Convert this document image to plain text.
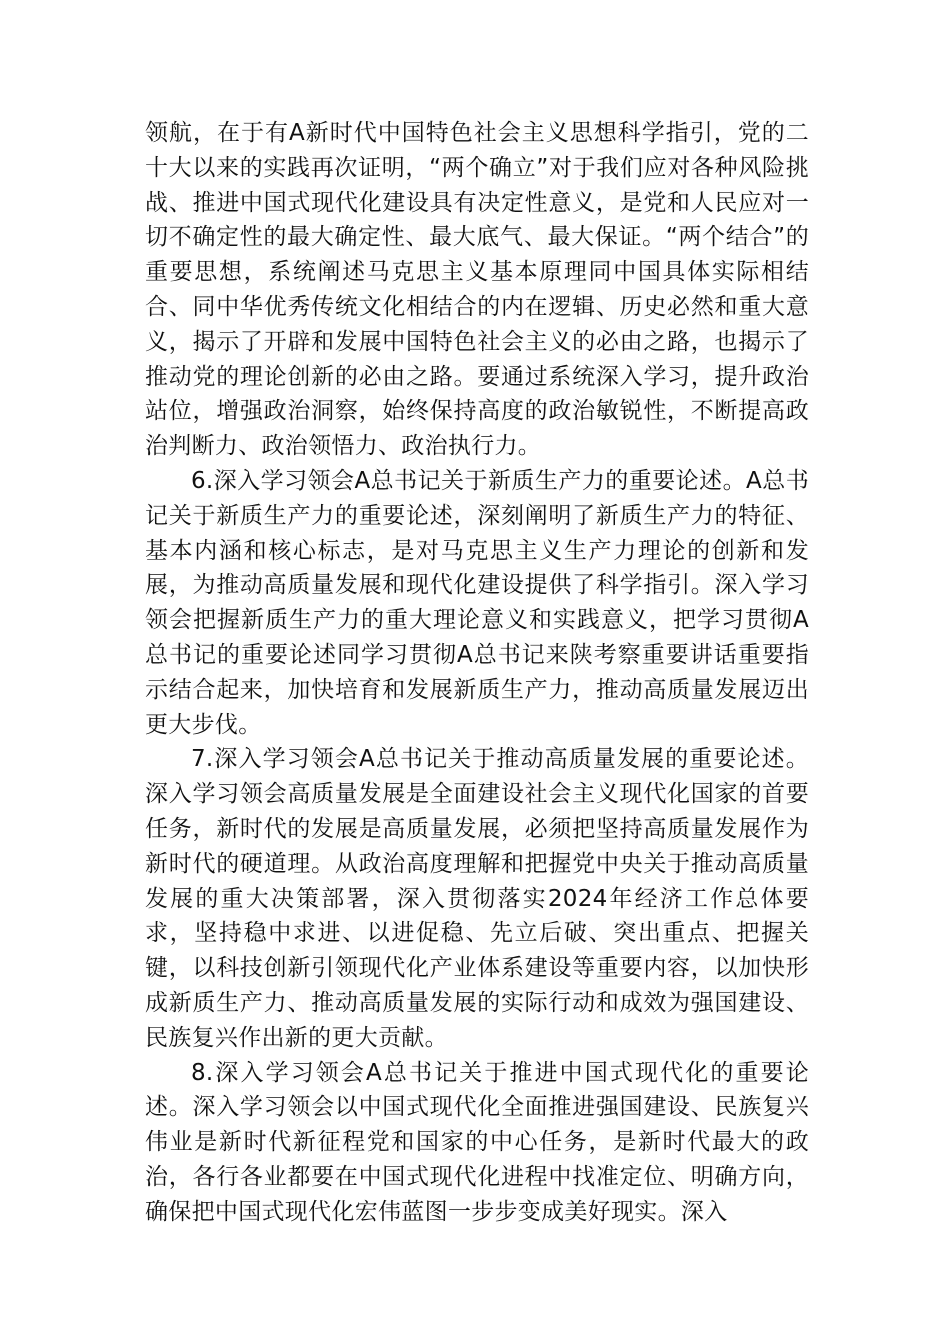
领航，在于有A新时代中国特色社会主义思想科学指引，党的二十大以来的实践再次证明，“两个确立”对于我们应对各种风险挑战、推进中国式现代化建设具有决定性意义，是党和人民应对一切不确定性的最大确定性、最大底气、最大保证。“两个结合”的重要思想，系统阐述马克思主义基本原理同中国具体实际相结合、同中华优秀传统文化相结合的内在逻辑、历史必然和重大意义，揭示了开辟和发展中国特色社会主义的必由之路，也揭示了推动党的理论创新的必由之路。要通过系统深入学习，提升政治站位，增强政治洞察，始终保持高度的政治敏锐性，不断提高政治判断力、政治领悟力、政治执行力。

6.深入学习领会A总书记关于新质生产力的重要论述。A总书记关于新质生产力的重要论述，深刻阐明了新质生产力的特征、基本内涵和核心标志，是对马克思主义生产力理论的创新和发展，为推动高质量发展和现代化建设提供了科学指引。深入学习领会把握新质生产力的重大理论意义和实践意义，把学习贯彻A总书记的重要论述同学习贯彻A总书记来陕考察重要讲话重要指示结合起来，加快培育和发展新质生产力，推动高质量发展迈出更大步伐。

7.深入学习领会A总书记关于推动高质量发展的重要论述。深入学习领会高质量发展是全面建设社会主义现代化国家的首要任务，新时代的发展是高质量发展，必须把坚持高质量发展作为新时代的硬道理。从政治高度理解和把握党中央关于推动高质量发展的重大决策部署，深入贯彻落实2024年经济工作总体要求，坚持稳中求进、以进促稳、先立后破、突出重点、把握关键，以科技创新引领现代化产业体系建设等重要内容，以加快形成新质生产力、推动高质量发展的实际行动和成效为强国建设、民族复兴作出新的更大贡献。

8.深入学习领会A总书记关于推进中国式现代化的重要论述。深入学习领会以中国式现代化全面推进强国建设、民族复兴伟业是新时代新征程党和国家的中心任务，是新时代最大的政治，各行各业都要在中国式现代化进程中找准定位、明确方向，确保把中国式现代化宏伟蓝图一步步变成美好现实。深入
